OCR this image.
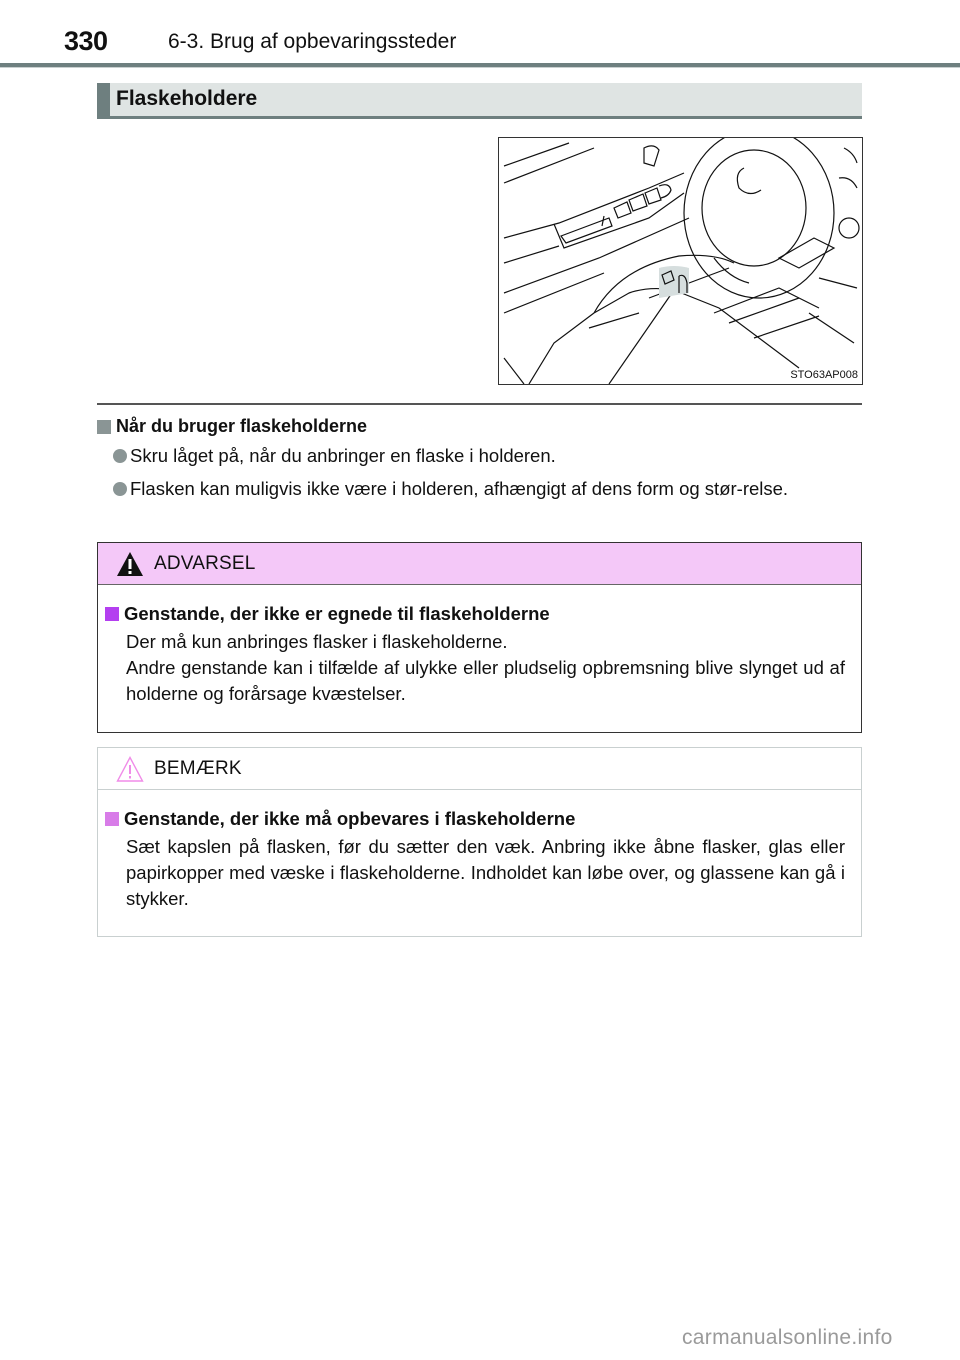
330	6-3. Brug af opbevaringssteder
Flaskeholdere
STO63AP008
Når du bruger flaskeholderne
Skru låget på, når du anbringer en flaske i holderen.
Flasken kan muligvis ikke være i holderen, afhængigt af dens form og stør-relse.
ADVARSEL
Genstande, der ikke er egnede til flaskeholderne
Der må kun anbringes flasker i flaskeholderne.
Andre genstande kan i tilfælde af ulykke eller pludselig opbremsning blive slynget ud af holderne og forårsage kvæstelser.
BEMÆRK
Genstande, der ikke må opbevares i flaskeholderne
Sæt kapslen på flasken, før du sætter den væk. Anbring ikke åbne flasker, glas eller papirkopper med væske i flaskeholderne. Indholdet kan løbe over, og glassene kan gå i stykker.
carmanualsonline.info
